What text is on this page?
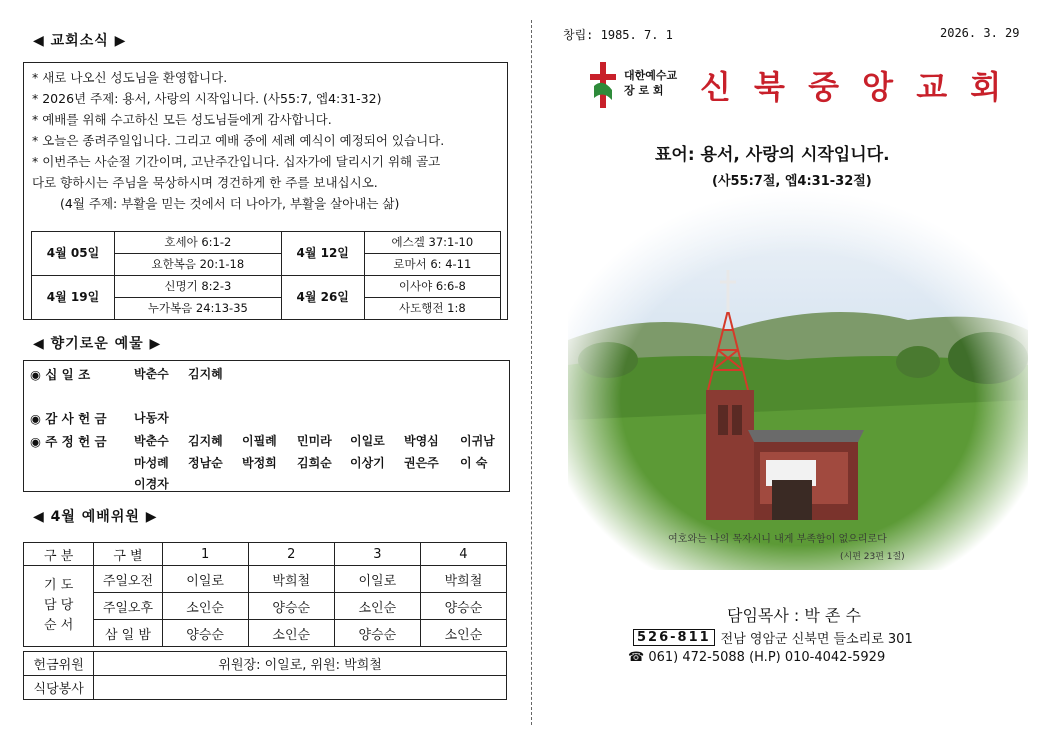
◀ 교회소식 ▶

* 새로 나오신 성도님을 환영합니다.

* 2026년 주제: 용서, 사랑의 시작입니다. (사55:7, 엡4:31-32)

* 예배를 위해 수고하신 모든 성도님들에게 감사합니다.

* 오늘은 종려주일입니다. 그리고 예배 중에 세례 예식이 예정되어 있습니다.

* 이번주는 사순절 기간이며, 고난주간입니다. 십자가에 달리시기 위해 골고

다로 향하시는 주님을 묵상하시며 경건하게 한 주를 보내십시오.

(4월 주제: 부활을 믿는 것에서 더 나아가, 부활을 살아내는 삶)

4월 05일	호세아 6:1-2	4월 12일	에스겔 37:1-10
	요한복음 20:1-18		로마서 6: 4-11
4월 19일	신명기 8:2-3	4월 26일	이사야 6:6-8
	누가복음 24:13-35		사도행전 1:8
◀ 향기로운 예물 ▶
◉ 십 일 조	박춘수 김지혜
◉ 감 사 헌 금 나동자
◉ 주 정 헌 금 박춘수 김지혜 이필례 민미라 이일로 박영심 이귀남
마성례 정남순 박정희 김희순 이상기 권은주 이 숙
이경자
◀ 4월 예배위원 ▶
구 분	구 별	1	2	3	4
기 도
담 당
순 서	주일오전	이일로	박희철	이일로	박희철
	주일오후	소인순	양승순	소인순	양승순
	삼 일 밤	양승순	소인순	양승순	소인순

헌금위원	위원장: 이일로, 위원: 박희철				
식당봉사					
창립: 1985. 7. 1	2026. 3. 29
대한예수교
장 로 회	신 북 중 앙 교 회
표어: 용서, 사랑의 시작입니다.
(사55:7절, 엡4:31-32절)
여호와는 나의 목자시니 내게 부족함이 없으리로다
(시편 23편 1절)
담임목사 : 박 존 수
526-811 전남 영암군 신북면 들소리로 301
☎ 061) 472-5088 (H.P) 010-4042-5929
